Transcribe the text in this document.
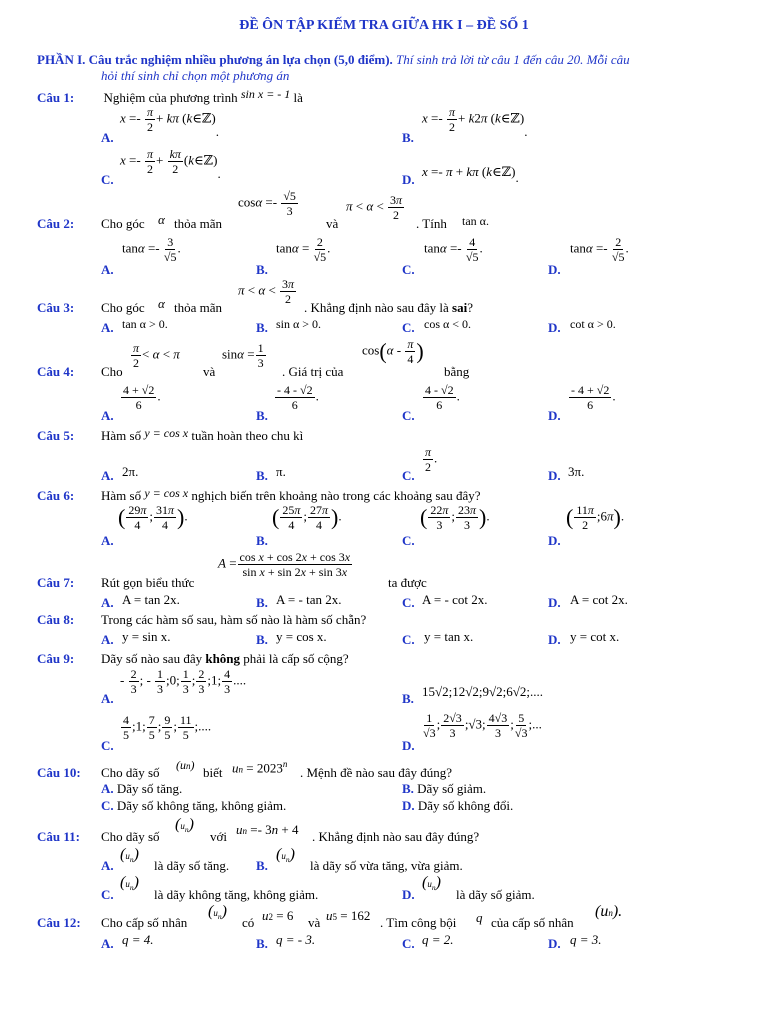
ĐỀ ÔN TẬP KIẾM TRA GIỮA HK I – ĐỀ SỐ 1
PHẦN I. Câu trắc nghiệm nhiều phương án lựa chọn (5,0 điểm). Thí sinh trả lời từ câu 1 đến câu 20. Mỗi câu
hỏi thí sinh chỉ chọn một phương án
Câu 1: Nghiệm của phương trình sin x = - 1 là
A.
$x =- \frac{\pi}{2} + k\pi$ (k∈ℤ).	B.
$x =- \frac{\pi}{2} + k2\pi$ (k∈ℤ).
C.
$x =- \frac{\pi}{2} + \frac{k\pi}{2}$ (k∈ℤ).	D.
x =- π + kπ (k∈ℤ).
Câu 2: Cho góc α thỏa mãn
$\cos\alpha =- \frac{√5}{3}$
và
$\pi < \alpha < \frac{3\pi}{2}$
. Tính tan α.
A.
$\tan\alpha =- \frac{3}{√5}$ .
B.
$\tan\alpha = \frac{2}{√5}$ .
C.
$\tan\alpha =- \frac{4}{√5}$ .
D.
$\tan\alpha =- \frac{2}{√5}$ .
Câu 3: Cho góc α thỏa mãn
$\pi < \alpha < \frac{3\pi}{2}$
. Khẳng định nào sau đây là sai?
A. tan α > 0.	B. sin α > 0.	C. cos α < 0.	D. cot α > 0.
Câu 4: Cho
$\frac{\pi}{2} < \alpha < \pi$
và
$\sin\alpha = \frac{1}{3}$
. Giá trị của
$\cos(\alpha - \frac{\pi}{4}$ )
bằng
A.
$\frac{4 + √2}{6}$ .
B.
$\frac{- 4 - √2}{6}$ .
C.
$\frac{4 - √2}{6}$ .
D.
$\frac{- 4 + √2}{6}$ .
Câu 5: Hàm số y = cos x tuần hoàn theo chu kì
A. 2π.	B. π.	C.
$\frac{\pi}{2}$ .
D. 3π.
Câu 6: Hàm số y = cos x nghịch biến trên khoảng nào trong các khoảng sau đây?
A.
( $\frac{29\pi}{4}$ ; $\frac{31\pi}{4}$ ).
B.
( $\frac{25\pi}{4}$ ; $\frac{27\pi}{4}$ ).
C.
( $\frac{22\pi}{3}$ ; $\frac{23\pi}{3}$ ).
D.
( $\frac{11\pi}{2}$ ;6π).
Câu 7: Rút gọn biểu thức
$A = \frac{\text{cos x + cos 2x + cos 3x}}{\text{sin x + sin 2x + sin 3x}}$
ta được
A. A = tan 2x.	B. A = - tan 2x.	C. A = - cot 2x.	D. A = cot 2x.
Câu 8: Trong các hàm số sau, hàm số nào là hàm số chẵn?
A. y = sin x.	B. y = cos x.	C. y = tan x.	D. y = cot x.
Câu 9: Dãy số nào sau đây không phải là cấp số cộng?
A.
- $\frac{2}{3}$ ; - $\frac{1}{3}$ ;0; $\frac{1}{3}$ ; $\frac{2}{3}$ ;1; $\frac{4}{3}$ ....
B. 15√2;12√2;9√2;6√2;....
C.
$\frac{4}{5}$ ;1; $\frac{7}{5}$ ; $\frac{9}{5}$ ; $\frac{11}{5}$ ;....
D.
$\frac{1}{√3}$ ; $\frac{2√3}{3}$ ;√3; $\frac{4√3}{3}$ ; $\frac{5}{√3}$ ;...
Câu 10: Cho dãy số (un) biết un = $2023^n$
. Mệnh đề nào sau đây đúng?
A. Dãy số tăng.	B. Dãy số giảm.
C. Dãy số không tăng, không giảm.	D. Dãy số không đổi.
Câu 11: Cho dãy số
$(u_n)$
với un =- 3n + 4 . Khẳng định nào sau đây đúng?
A.
$(u_n)$
là dãy số tăng. B.
$(u_n)$
là dãy số vừa tăng, vừa giảm.
C.
$(u_n)$
là dãy không tăng, không giảm.	D.
$(u_n)$
là dãy số giảm.
Câu 12: Cho cấp số nhân
$(u_n)$
có u2 = 6 và u5 = 162 . Tìm công bội q của cấp số nhân
(un).
A. q = 4.	B. q = - 3.	C. q = 2.	D. q = 3.
